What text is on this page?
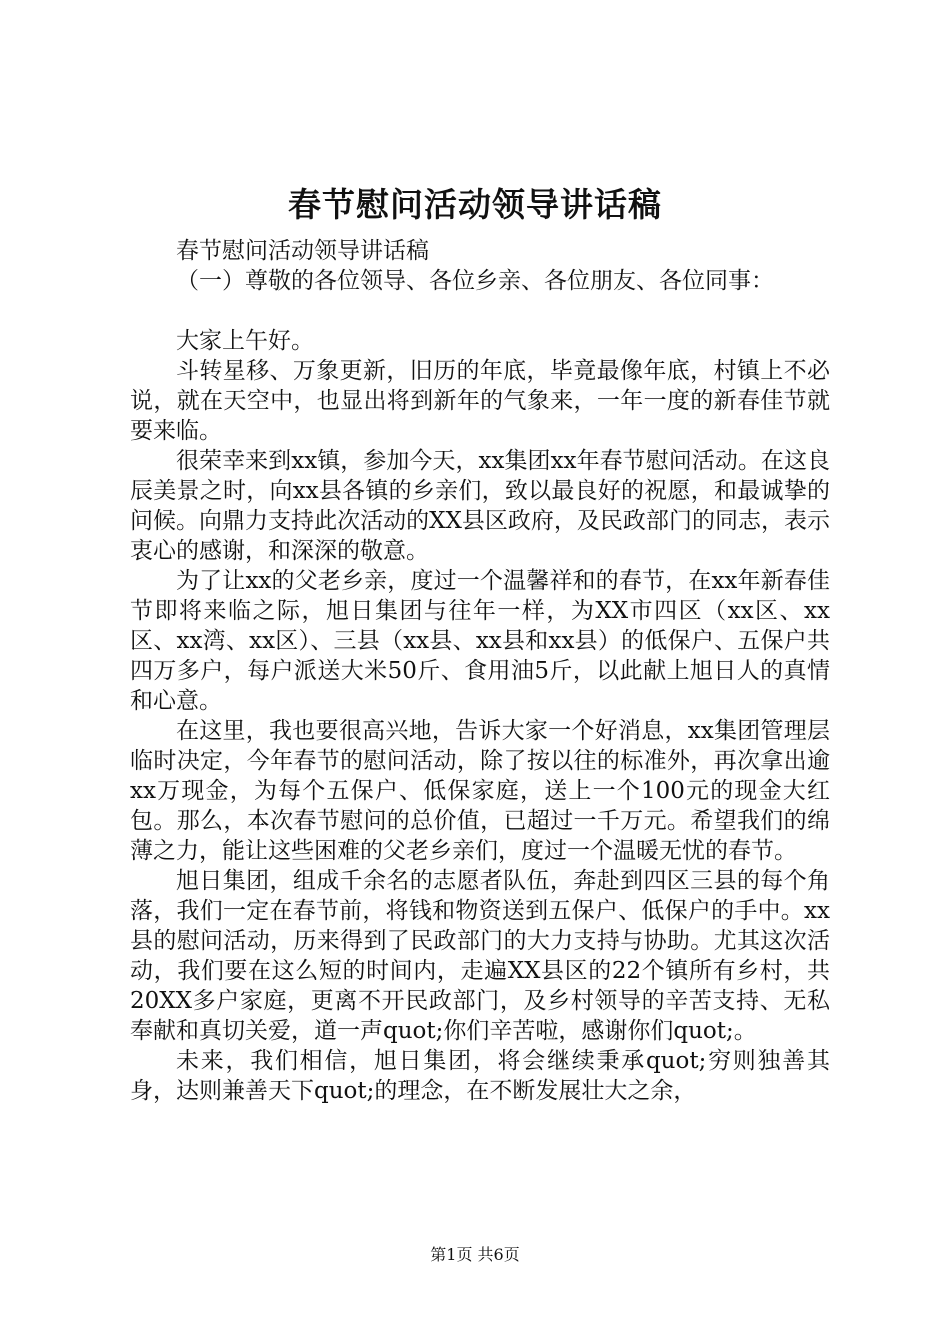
春节慰问活动领导讲话稿

春节慰问活动领导讲话稿

（一）尊敬的各位领导、各位乡亲、各位朋友、各位同事：

大家上午好。

斗转星移、万象更新，旧历的年底，毕竟最像年底，村镇上不必说，就在天空中，也显出将到新年的气象来，一年一度的新春佳节就要来临。

很荣幸来到xx镇，参加今天，xx集团xx年春节慰问活动。在这良辰美景之时，向xx县各镇的乡亲们，致以最良好的祝愿，和最诚挚的问候。向鼎力支持此次活动的XX县区政府，及民政部门的同志，表示衷心的感谢，和深深的敬意。

为了让xx的父老乡亲，度过一个温馨祥和的春节，在xx年新春佳节即将来临之际，旭日集团与往年一样，为XX市四区（xx区、xx区、xx湾、xx区）、三县（xx县、xx县和xx县）的低保户、五保户共四万多户，每户派送大米50斤、食用油5斤，以此献上旭日人的真情和心意。

在这里，我也要很高兴地，告诉大家一个好消息，xx集团管理层临时决定，今年春节的慰问活动，除了按以往的标准外，再次拿出逾xx万现金，为每个五保户、低保家庭，送上一个100元的现金大红包。那么，本次春节慰问的总价值，已超过一千万元。希望我们的绵薄之力，能让这些困难的父老乡亲们，度过一个温暖无忧的春节。

旭日集团，组成千余名的志愿者队伍，奔赴到四区三县的每个角落，我们一定在春节前，将钱和物资送到五保户、低保户的手中。xx县的慰问活动，历来得到了民政部门的大力支持与协助。尤其这次活动，我们要在这么短的时间内，走遍XX县区的22个镇所有乡村，共20XX多户家庭，更离不开民政部门，及乡村领导的辛苦支持、无私奉献和真切关爱，道一声quot;你们辛苦啦，感谢你们quot;。

未来，我们相信，旭日集团，将会继续秉承quot;穷则独善其身，达则兼善天下quot;的理念，在不断发展壮大之余，

第1页 共6页
